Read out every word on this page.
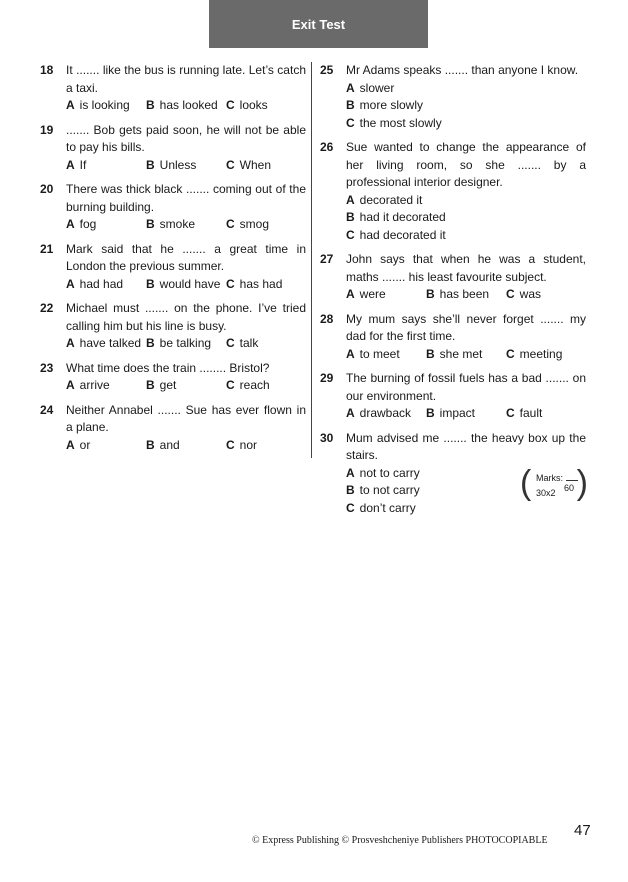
Exit Test
18 It ....... like the bus is running late. Let’s catch a taxi.
A is looking	B has looked C looks
19 ....... Bob gets paid soon, he will not be able to pay his bills.
A If	B Unless	C When
20 There was thick black ....... coming out of the burning building.
A fog	B smoke	C smog
21 Mark said that he ....... a great time in London the previous summer.
A had had	B would have C has had
22 Michael must ....... on the phone. I’ve tried calling him but his line is busy.
A have talked B be talking	C talk
23 What time does the train ........ Bristol?
A arrive	B get	C reach
24 Neither Annabel ....... Sue has ever flown in a plane.
A or	B and	C nor
25 Mr Adams speaks ....... than anyone I know.
A slower
B more slowly
C the most slowly
26 Sue wanted to change the appearance of her living room, so she ....... by a professional interior designer.
A decorated it
B had it decorated
C had decorated it
27 John says that when he was a student, maths ....... his least favourite subject.
A were	B has been	C was
28 My mum says she’ll never forget ....... my dad for the first time.
A to meet	B she met	C meeting
29 The burning of fossil fuels has a bad ....... on our environment.
A drawback	B impact	C fault
30 Mum advised me ....... the heavy box up the stairs.
A not to carry
B to not carry
C don’t carry
( Marks:
30x2 60 )
© Express Publishing © Prosveshcheniye Publishers PHOTOCOPIABLE
47
